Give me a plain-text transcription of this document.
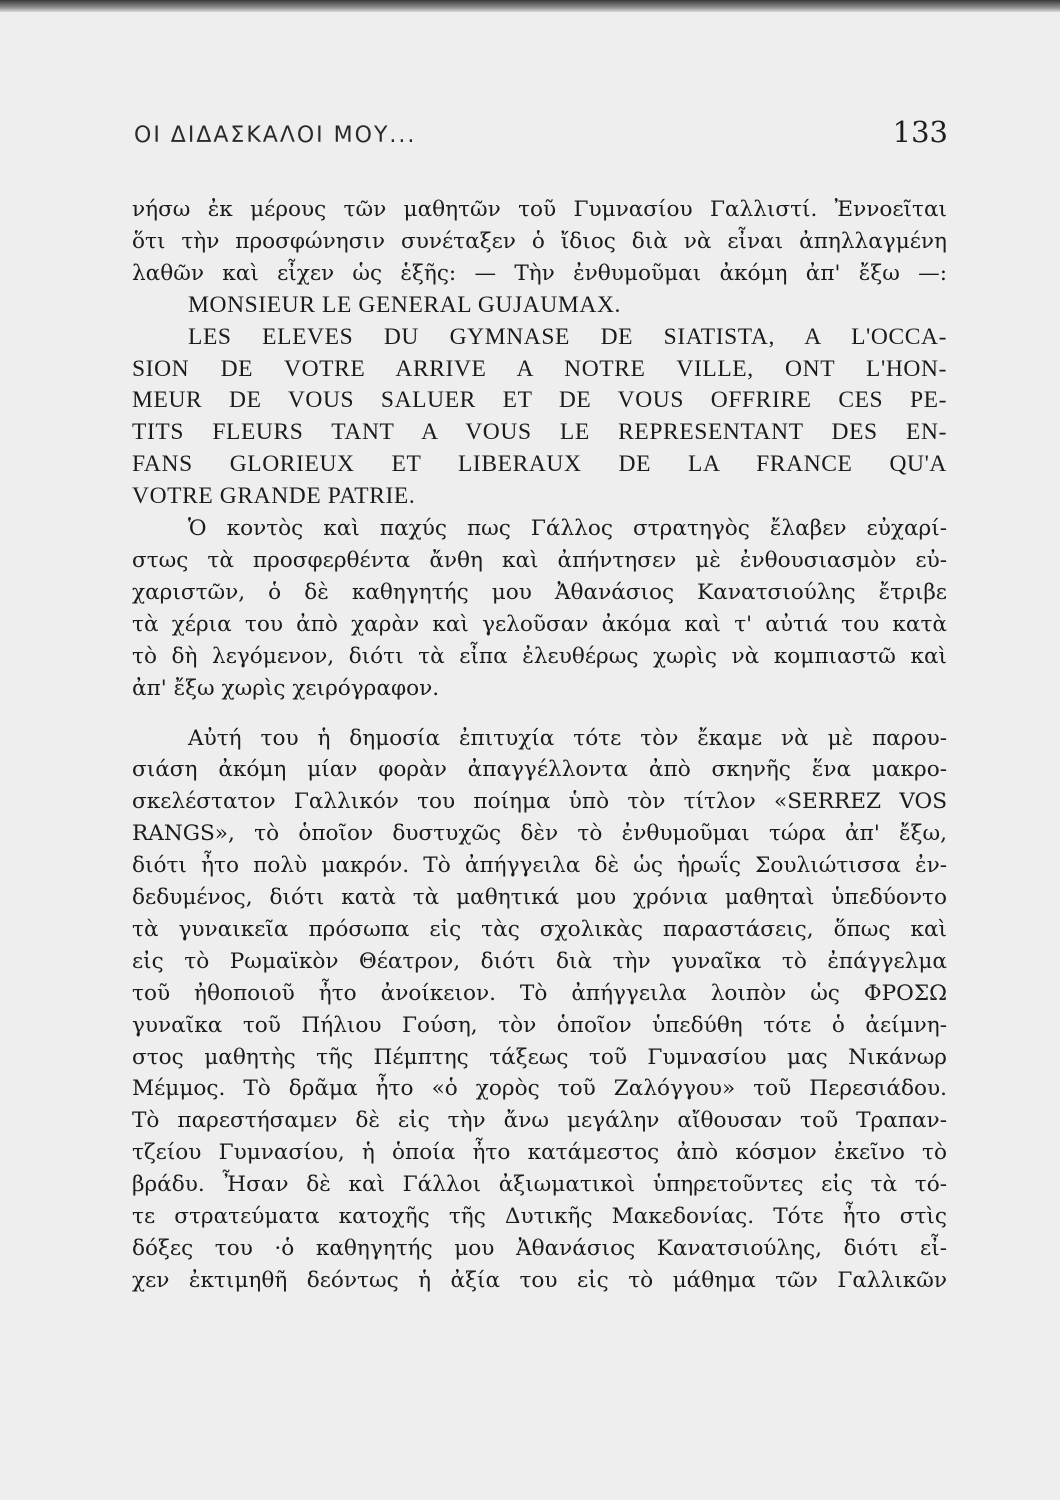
ΟΙ ΔΙΔΑΣΚΑΛΟΙ ΜΟΥ...	133
νήσω ἐκ μέρους τῶν μαθητῶν τοῦ Γυμνασίου Γαλλιστί. Ἐννοεῖται
ὅτι τὴν προσφώνησιν συνέταξεν ὁ ἴδιος διὰ νὰ εἶναι ἀπηλλαγμένη
λαθῶν καὶ εἶχεν ὡς ἑξῆς: — Τὴν ἐνθυμοῦμαι ἀκόμη ἀπ' ἔξω —:
MONSIEUR LE GENERAL GUJAUMAX.
LES ELEVES DU GYMNASE DE SIATISTA, A L'OCCA-
SION DE VOTRE ARRIVE A NOTRE VILLE, ONT L'HON-
MEUR DE VOUS SALUER ET DE VOUS OFFRIRE CES PE-
TITS FLEURS TANT A VOUS LE REPRESENTANT DES EN-
FANS GLORIEUX ET LIBERAUX DE LA FRANCE QU'A
VOTRE GRANDE PATRIE.
Ὁ κοντὸς καὶ παχύς πως Γάλλος στρατηγὸς ἔλαβεν εὐχαρί-
στως τὰ προσφερθέντα ἄνθη καὶ ἀπήντησεν μὲ ἐνθουσιασμὸν εὐ-
χαριστῶν, ὁ δὲ καθηγητής μου Ἀθανάσιος Κανατσιούλης ἔτριβε
τὰ χέρια του ἀπὸ χαρὰν καὶ γελοῦσαν ἀκόμα καὶ τ' αὐτιά του κατὰ
τὸ δὴ λεγόμενον, διότι τὰ εἶπα ἐλευθέρως χωρὶς νὰ κομπιαστῶ καὶ
ἀπ' ἔξω χωρὶς χειρόγραφον.
Αὐτή του ἡ δημοσία ἐπιτυχία τότε τὸν ἔκαμε νὰ μὲ παρου-
σιάση ἀκόμη μίαν φορὰν ἀπαγγέλλοντα ἀπὸ σκηνῆς ἕνα μακρο-
σκελέστατον Γαλλικόν του ποίημα ὑπὸ τὸν τίτλον «SERREZ VOS
RANGS», τὸ ὁποῖον δυστυχῶς δὲν τὸ ἐνθυμοῦμαι τώρα ἀπ' ἔξω,
διότι ἦτο πολὺ μακρόν. Τὸ ἀπήγγειλα δὲ ὡς ἡρωΐς Σουλιώτισσα ἐν-
δεδυμένος, διότι κατὰ τὰ μαθητικά μου χρόνια μαθηταὶ ὑπεδύοντο
τὰ γυναικεῖα πρόσωπα εἰς τὰς σχολικὰς παραστάσεις, ὅπως καὶ
εἰς τὸ Ρωμαϊκὸν Θέατρον, διότι διὰ τὴν γυναῖκα τὸ ἐπάγγελμα
τοῦ ἠθοποιοῦ ἦτο ἀνοίκειον. Τὸ ἀπήγγειλα λοιπὸν ὡς ΦΡΟΣΩ
γυναῖκα τοῦ Πήλιου Γούση, τὸν ὁποῖον ὑπεδύθη τότε ὁ ἀείμνη-
στος μαθητὴς τῆς Πέμπτης τάξεως τοῦ Γυμνασίου μας Νικάνωρ
Μέμμος. Τὸ δρᾶμα ἦτο «ὁ χορὸς τοῦ Ζαλόγγου» τοῦ Περεσιάδου.
Τὸ παρεστήσαμεν δὲ εἰς τὴν ἄνω μεγάλην αἴθουσαν τοῦ Τραπαν-
τζείου Γυμνασίου, ἡ ὁποία ἦτο κατάμεστος ἀπὸ κόσμον ἐκεῖνο τὸ
βράδυ. Ἦσαν δὲ καὶ Γάλλοι ἀξιωματικοὶ ὑπηρετοῦντες εἰς τὰ τό-
τε στρατεύματα κατοχῆς τῆς Δυτικῆς Μακεδονίας. Τότε ἦτο στὶς
δόξες του ·ὁ καθηγητής μου Ἀθανάσιος Κανατσιούλης, διότι εἶ-
χεν ἐκτιμηθῆ δεόντως ἡ ἀξία του εἰς τὸ μάθημα τῶν Γαλλικῶν
